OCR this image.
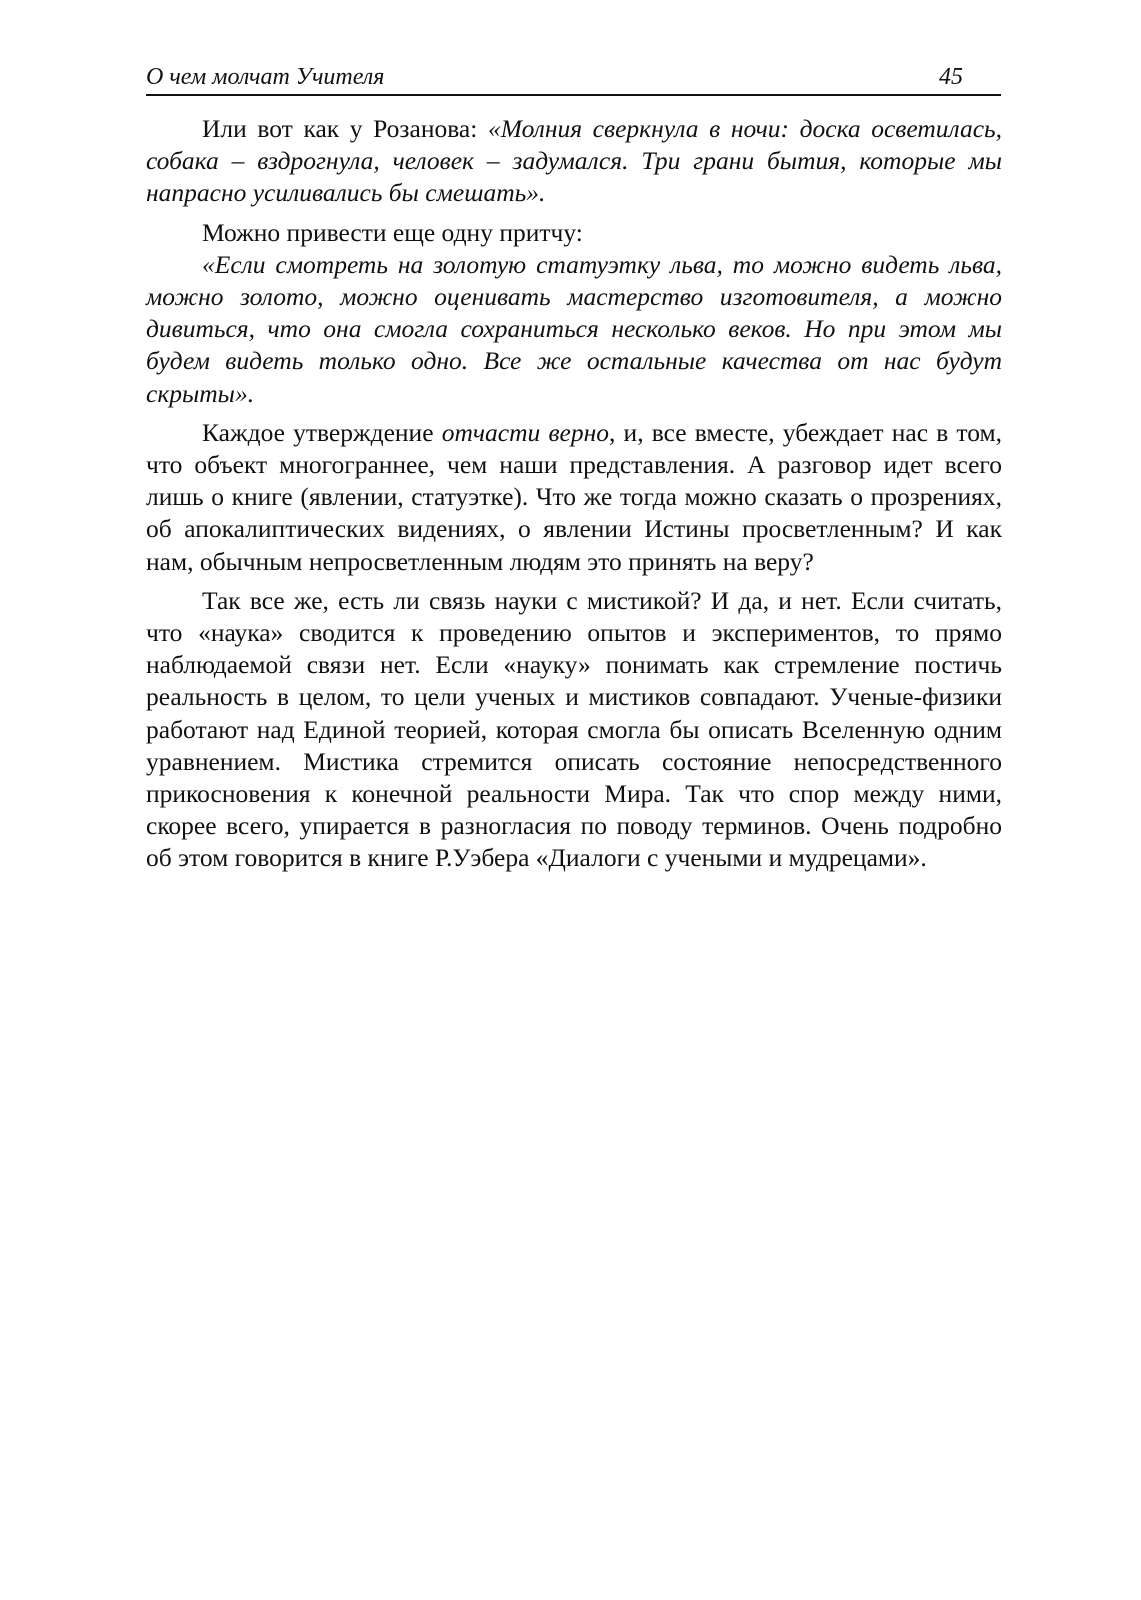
О чем молчат Учителя	45

Или вот как у Розанова: «Молния сверкнула в ночи: доска осветилась, собака – вздрогнула, человек – задумался. Три грани бытия, которые мы напрасно усиливались бы смешать».

Можно привести еще одну притчу:

«Если смотреть на золотую статуэтку льва, то можно видеть льва, можно золото, можно оценивать мастерство изготовителя, а можно дивиться, что она смогла сохраниться несколько веков. Но при этом мы будем видеть только одно. Все же остальные качества от нас будут скрыты».

Каждое утверждение отчасти верно, и, все вместе, убеждает нас в том, что объект многограннее, чем наши представления. А разговор идет всего лишь о книге (явлении, статуэтке). Что же тогда можно сказать о прозрениях, об апокалиптических видениях, о явлении Истины просветленным? И как нам, обычным непросветленным людям это принять на веру?

Так все же, есть ли связь науки с мистикой? И да, и нет. Если считать, что «наука» сводится к проведению опытов и экспериментов, то прямо наблюдаемой связи нет. Если «науку» понимать как стремление постичь реальность в целом, то цели ученых и мистиков совпадают. Ученые-физики работают над Единой теорией, которая смогла бы описать Вселенную одним уравнением. Мистика стремится описать состояние непосредственного прикосновения к конечной реальности Мира. Так что спор между ними, скорее всего, упирается в разногласия по поводу терминов. Очень подробно об этом говорится в книге Р.Уэбера «Диалоги с учеными и мудрецами».
